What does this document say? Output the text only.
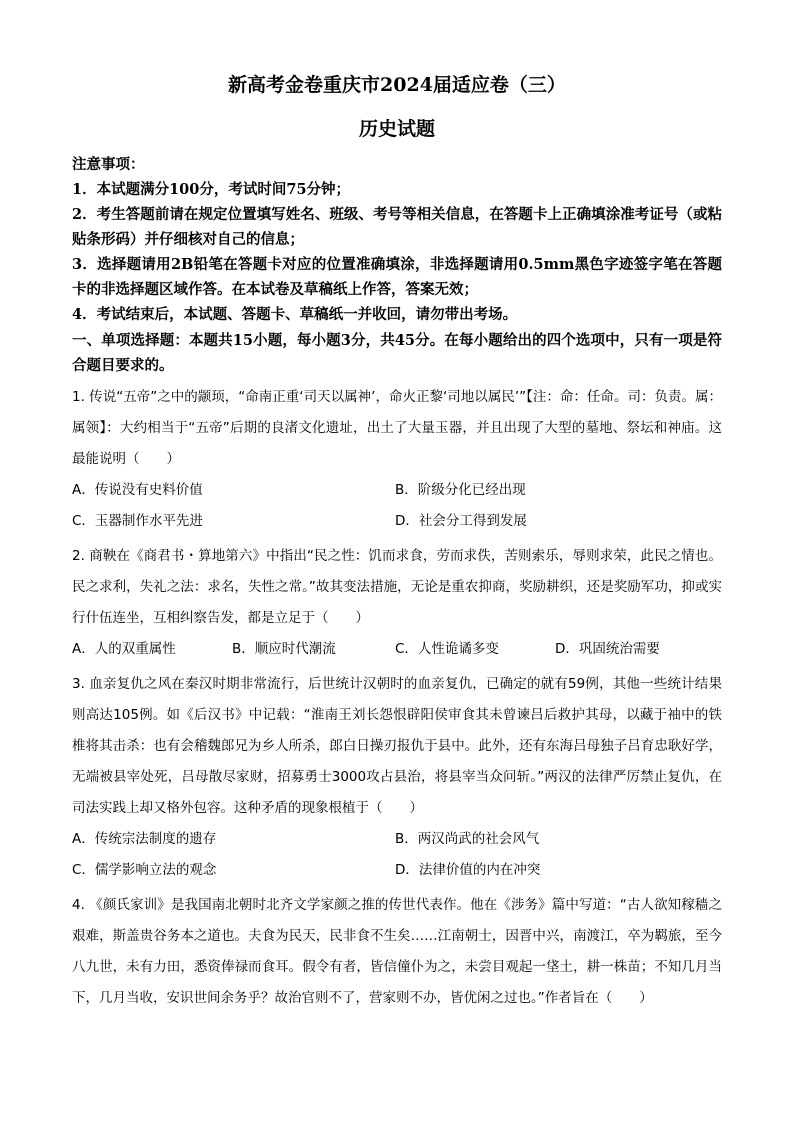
新高考金卷重庆市2024届适应卷（三）
历史试题
注意事项：
1．本试题满分100分，考试时间75分钟；
2．考生答题前请在规定位置填写姓名、班级、考号等相关信息，在答题卡上正确填涂准考证号（或粘贴条形码）并仔细核对自己的信息；
3．选择题请用2B铅笔在答题卡对应的位置准确填涂，非选择题请用0.5mm黑色字迹签字笔在答题卡的非选择题区域作答。在本试卷及草稿纸上作答，答案无效；
4．考试结束后，本试题、答题卡、草稿纸一并收回，请勿带出考场。
一、单项选择题：本题共15小题，每小题3分，共45分。在每小题给出的四个选项中，只有一项是符合题目要求的。
1. 传说“五帝”之中的颛顼，“命南正重‘司天以属神’，命火正黎‘司地以属民’”【注：命：任命。司：负责。属：属领】：大约相当于“五帝”后期的良渚文化遗址，出土了大量玉器，并且出现了大型的墓地、祭坛和神庙。这最能说明（　　）
A．传说没有史料价值	B．阶级分化已经出现
C．玉器制作水平先进	D．社会分工得到发展
2. 商鞅在《商君书・算地第六》中指出“民之性：饥而求食，劳而求佚，苦则索乐，辱则求荣，此民之情也。民之求利，失礼之法：求名，失性之常。”故其变法措施，无论是重农抑商，奖励耕织，还是奖励军功，抑或实行什伍连坐，互相纠察告发，都是立足于（　　）
A．人的双重属性	B．顺应时代潮流	C．人性诡谲多变	D．巩固统治需要
3. 血亲复仇之风在秦汉时期非常流行，后世统计汉朝时的血亲复仇，已确定的就有59例，其他一些统计结果则高达105例。如《后汉书》中记载：“淮南王刘长怨恨辟阳侯审食其未曾谏吕后救护其母，以藏于袖中的铁椎将其击杀：也有会稽魏郎兄为乡人所杀，郎白日操刃报仇于县中。此外，还有东海吕母独子吕育忠耿好学，无端被县宰处死，吕母散尽家财，招募勇士3000攻占县治，将县宰当众问斩。”两汉的法律严厉禁止复仇，在司法实践上却又格外包容。这种矛盾的现象根植于（　　）
A．传统宗法制度的遗存	B．两汉尚武的社会风气
C．儒学影响立法的观念	D．法律价值的内在冲突
4. 《颜氏家训》是我国南北朝时北齐文学家颜之推的传世代表作。他在《涉务》篇中写道：“古人欲知稼穑之艰难，斯盖贵谷务本之道也。夫食为民天，民非食不生矣……江南朝士，因晋中兴，南渡江，卒为羁旅，至今八九世，未有力田，悉资俸禄而食耳。假令有者，皆信僮仆为之，未尝目观起一垡土，耕一株苗；不知几月当下，几月当收，安识世间余务乎？故治官则不了，营家则不办，皆优闲之过也。”作者旨在（　　）
